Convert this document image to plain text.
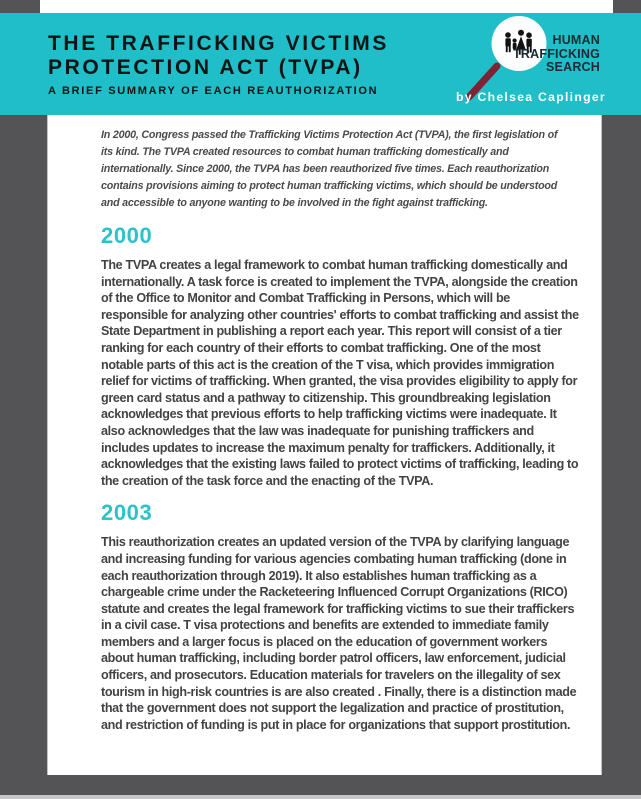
THE TRAFFICKING VICTIMS
PROTECTION ACT (TVPA)
A BRIEF SUMMARY OF EACH REAUTHORIZATION
HUMAN
TRAFFICKING
SEARCH
by Chelsea Caplinger

In 2000, Congress passed the Trafficking Victims Protection Act (TVPA), the first legislation of its kind. The TVPA created resources to combat human trafficking domestically and internationally. Since 2000, the TVPA has been reauthorized five times. Each reauthorization contains provisions aiming to protect human trafficking victims, which should be understood and accessible to anyone wanting to be involved in the fight against trafficking.

2000

The TVPA creates a legal framework to combat human trafficking domestically and internationally. A task force is created to implement the TVPA, alongside the creation of the Office to Monitor and Combat Trafficking in Persons, which will be responsible for analyzing other countries' efforts to combat trafficking and assist the State Department in publishing a report each year. This report will consist of a tier ranking for each country of their efforts to combat trafficking. One of the most notable parts of this act is the creation of the T visa, which provides immigration relief for victims of trafficking. When granted, the visa provides eligibility to apply for green card status and a pathway to citizenship. This groundbreaking legislation acknowledges that previous efforts to help trafficking victims were inadequate. It also acknowledges that the law was inadequate for punishing traffickers and includes updates to increase the maximum penalty for traffickers. Additionally, it acknowledges that the existing laws failed to protect victims of trafficking, leading to the creation of the task force and the enacting of the TVPA.

2003

This reauthorization creates an updated version of the TVPA by clarifying language and increasing funding for various agencies combating human trafficking (done in each reauthorization through 2019). It also establishes human trafficking as a chargeable crime under the Racketeering Influenced Corrupt Organizations (RICO) statute and creates the legal framework for trafficking victims to sue their traffickers in a civil case. T visa protections and benefits are extended to immediate family members and a larger focus is placed on the education of government workers about human trafficking, including border patrol officers, law enforcement, judicial officers, and prosecutors. Education materials for travelers on the illegality of sex tourism in high-risk countries is are also created . Finally, there is a distinction made that the government does not support the legalization and practice of prostitution, and restriction of funding is put in place for organizations that support prostitution.
